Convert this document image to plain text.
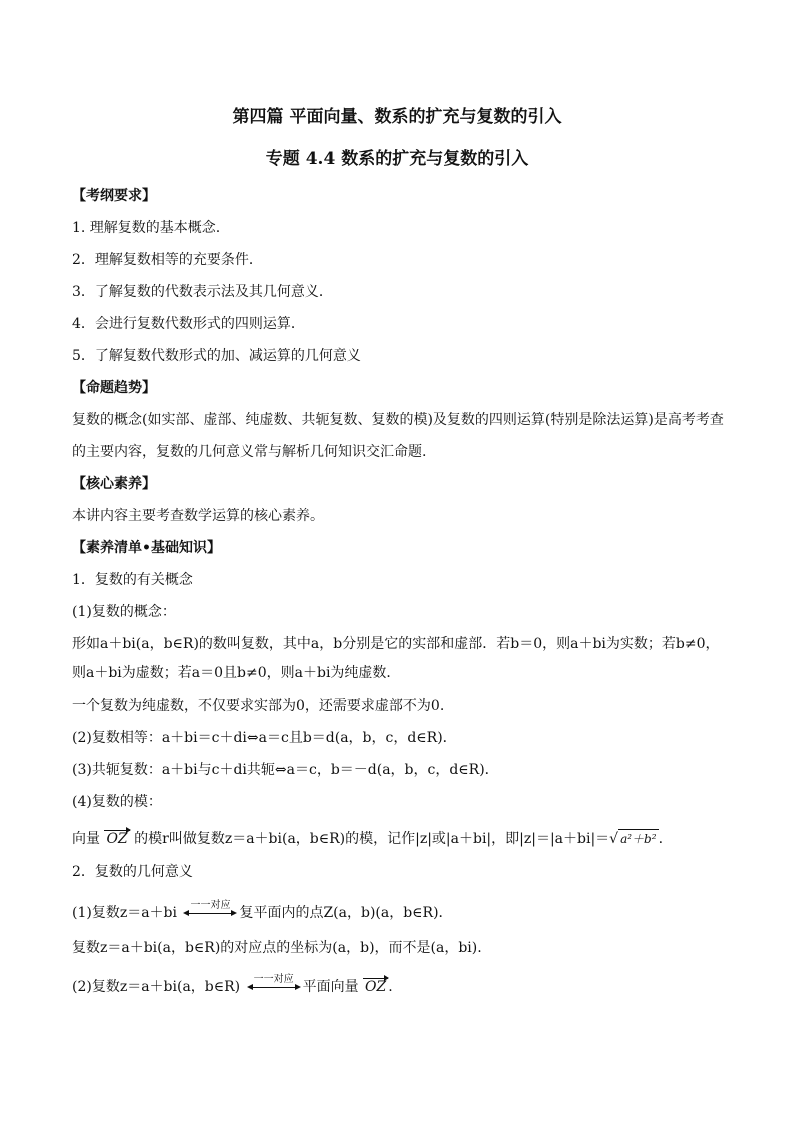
第四篇 平面向量、数系的扩充与复数的引入
专题 4.4 数系的扩充与复数的引入
【考纲要求】
1. 理解复数的基本概念.
2．理解复数相等的充要条件．
3．了解复数的代数表示法及其几何意义．
4．会进行复数代数形式的四则运算．
5．了解复数代数形式的加、减运算的几何意义
【命题趋势】
复数的概念(如实部、虚部、纯虚数、共轭复数、复数的模)及复数的四则运算(特别是除法运算)是高考考查
的主要内容，复数的几何意义常与解析几何知识交汇命题.
【核心素养】
本讲内容主要考查数学运算的核心素养。
【素养清单•基础知识】
1．复数的有关概念
(1)复数的概念：
形如a＋bi(a，b∈R)的数叫复数，其中a，b分别是它的实部和虚部．若b＝0，则a＋bi为实数；若b≠0，
则a＋bi为虚数；若a＝0且b≠0，则a＋bi为纯虚数．
一个复数为纯虚数，不仅要求实部为0，还需要求虚部不为0.
(2)复数相等：a＋bi＝c＋di⇔a＝c且b＝d(a，b，c，d∈R)．
(3)共轭复数：a＋bi与c＋di共轭⇔a＝c，b＝－d(a，b，c，d∈R)．
(4)复数的模：
向量 OZ 的模r叫做复数z＝a＋bi(a，b∈R)的模，记作|z|或|a＋bi|，即|z|＝|a＋bi|＝√ a²＋b² .
2．复数的几何意义
(1)复数z＝a＋bi 一一对应 复平面内的点Z(a，b)(a，b∈R)．
复数z＝a＋bi(a，b∈R)的对应点的坐标为(a，b)，而不是(a，bi).
(2)复数z＝a＋bi(a，b∈R) 一一对应 平面向量 OZ .
